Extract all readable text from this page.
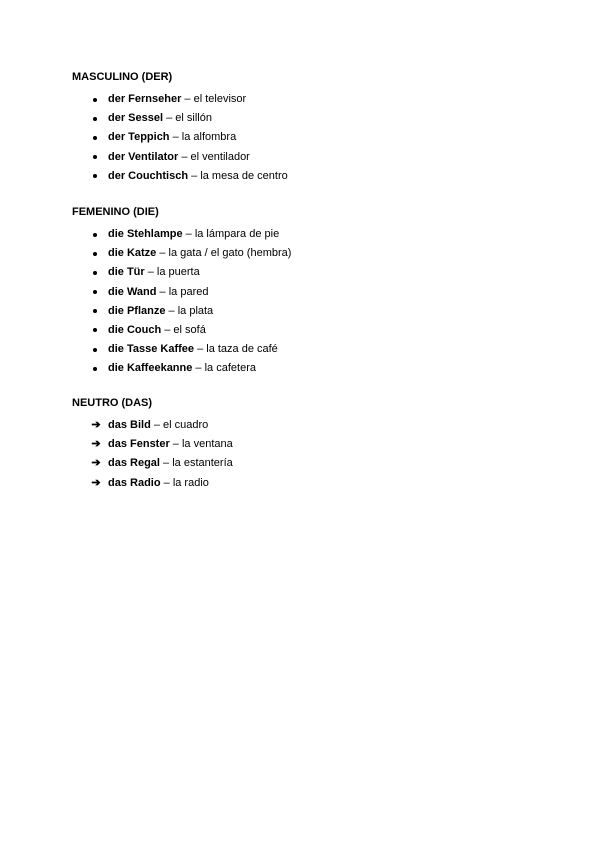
MASCULINO (DER)
der Fernseher – el televisor
der Sessel – el sillón
der Teppich – la alfombra
der Ventilator – el ventilador
der Couchtisch – la mesa de centro
FEMENINO (DIE)
die Stehlampe – la lámpara de pie
die Katze – la gata / el gato (hembra)
die Tür – la puerta
die Wand – la pared
die Pflanze – la plata
die Couch – el sofá
die Tasse Kaffee – la taza de café
die Kaffeekanne – la cafetera
NEUTRO (DAS)
➔ das Bild – el cuadro
➔ das Fenster – la ventana
➔ das Regal – la estantería
➔ das Radio – la radio
